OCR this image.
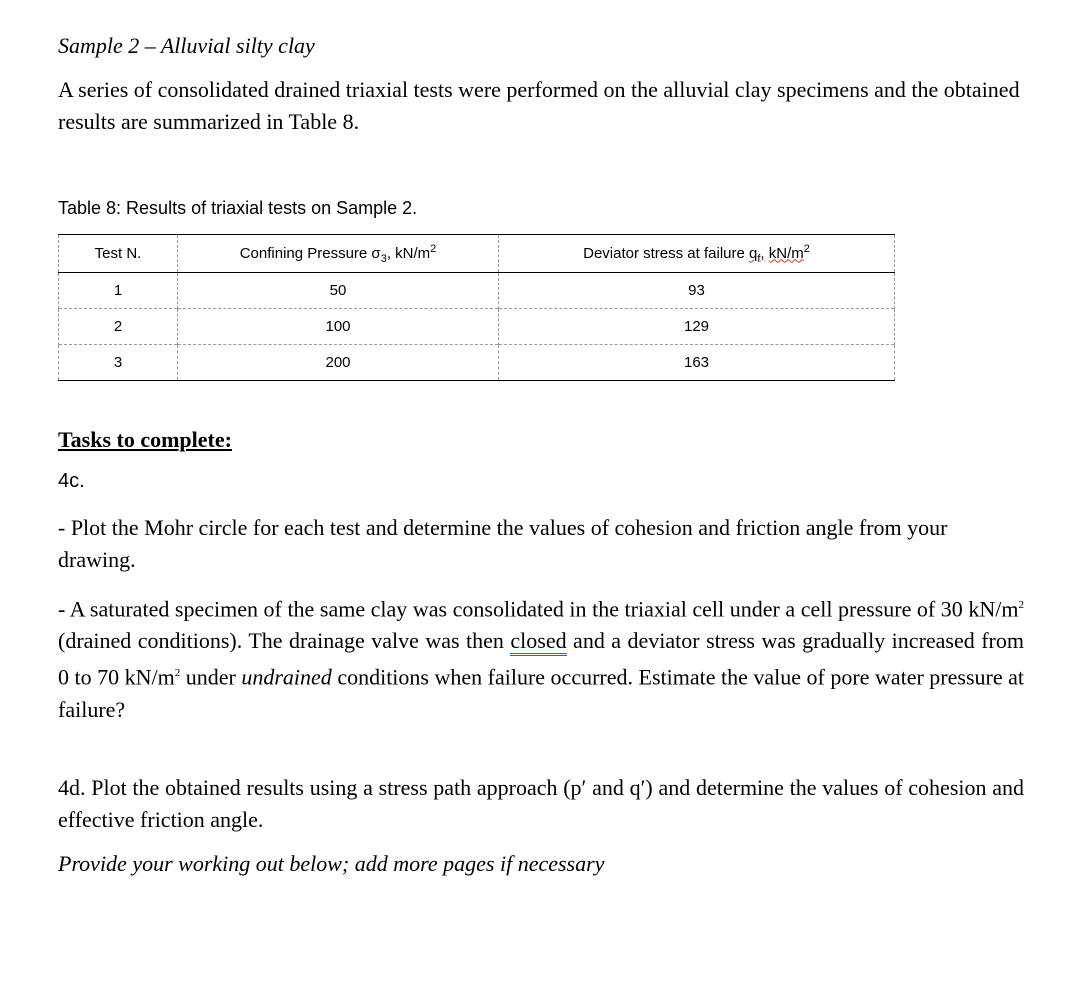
Sample 2 – Alluvial silty clay
A series of consolidated drained triaxial tests were performed on the alluvial clay specimens and the obtained results are summarized in Table 8.
Table 8: Results of triaxial tests on Sample 2.
Test N.	Confining Pressure $\sigma_3$, $kN/m^2$	Deviator stress at failure $q_f$, $kN/m^2$
1	50	93
2	100	129
3	200	163
Tasks to complete:
4c.
- Plot the Mohr circle for each test and determine the values of cohesion and friction angle from your drawing.
- A saturated specimen of the same clay was consolidated in the triaxial cell under a cell pressure of 30 $kN/m^2$ (drained conditions). The drainage valve was then closed and a deviator stress was gradually increased from 0 to 70 $kN/m^2$ under undrained conditions when failure occurred. Estimate the value of pore water pressure at failure?
4d. Plot the obtained results using a stress path approach (p′ and q′) and determine the values of cohesion and effective friction angle.
Provide your working out below; add more pages if necessary
